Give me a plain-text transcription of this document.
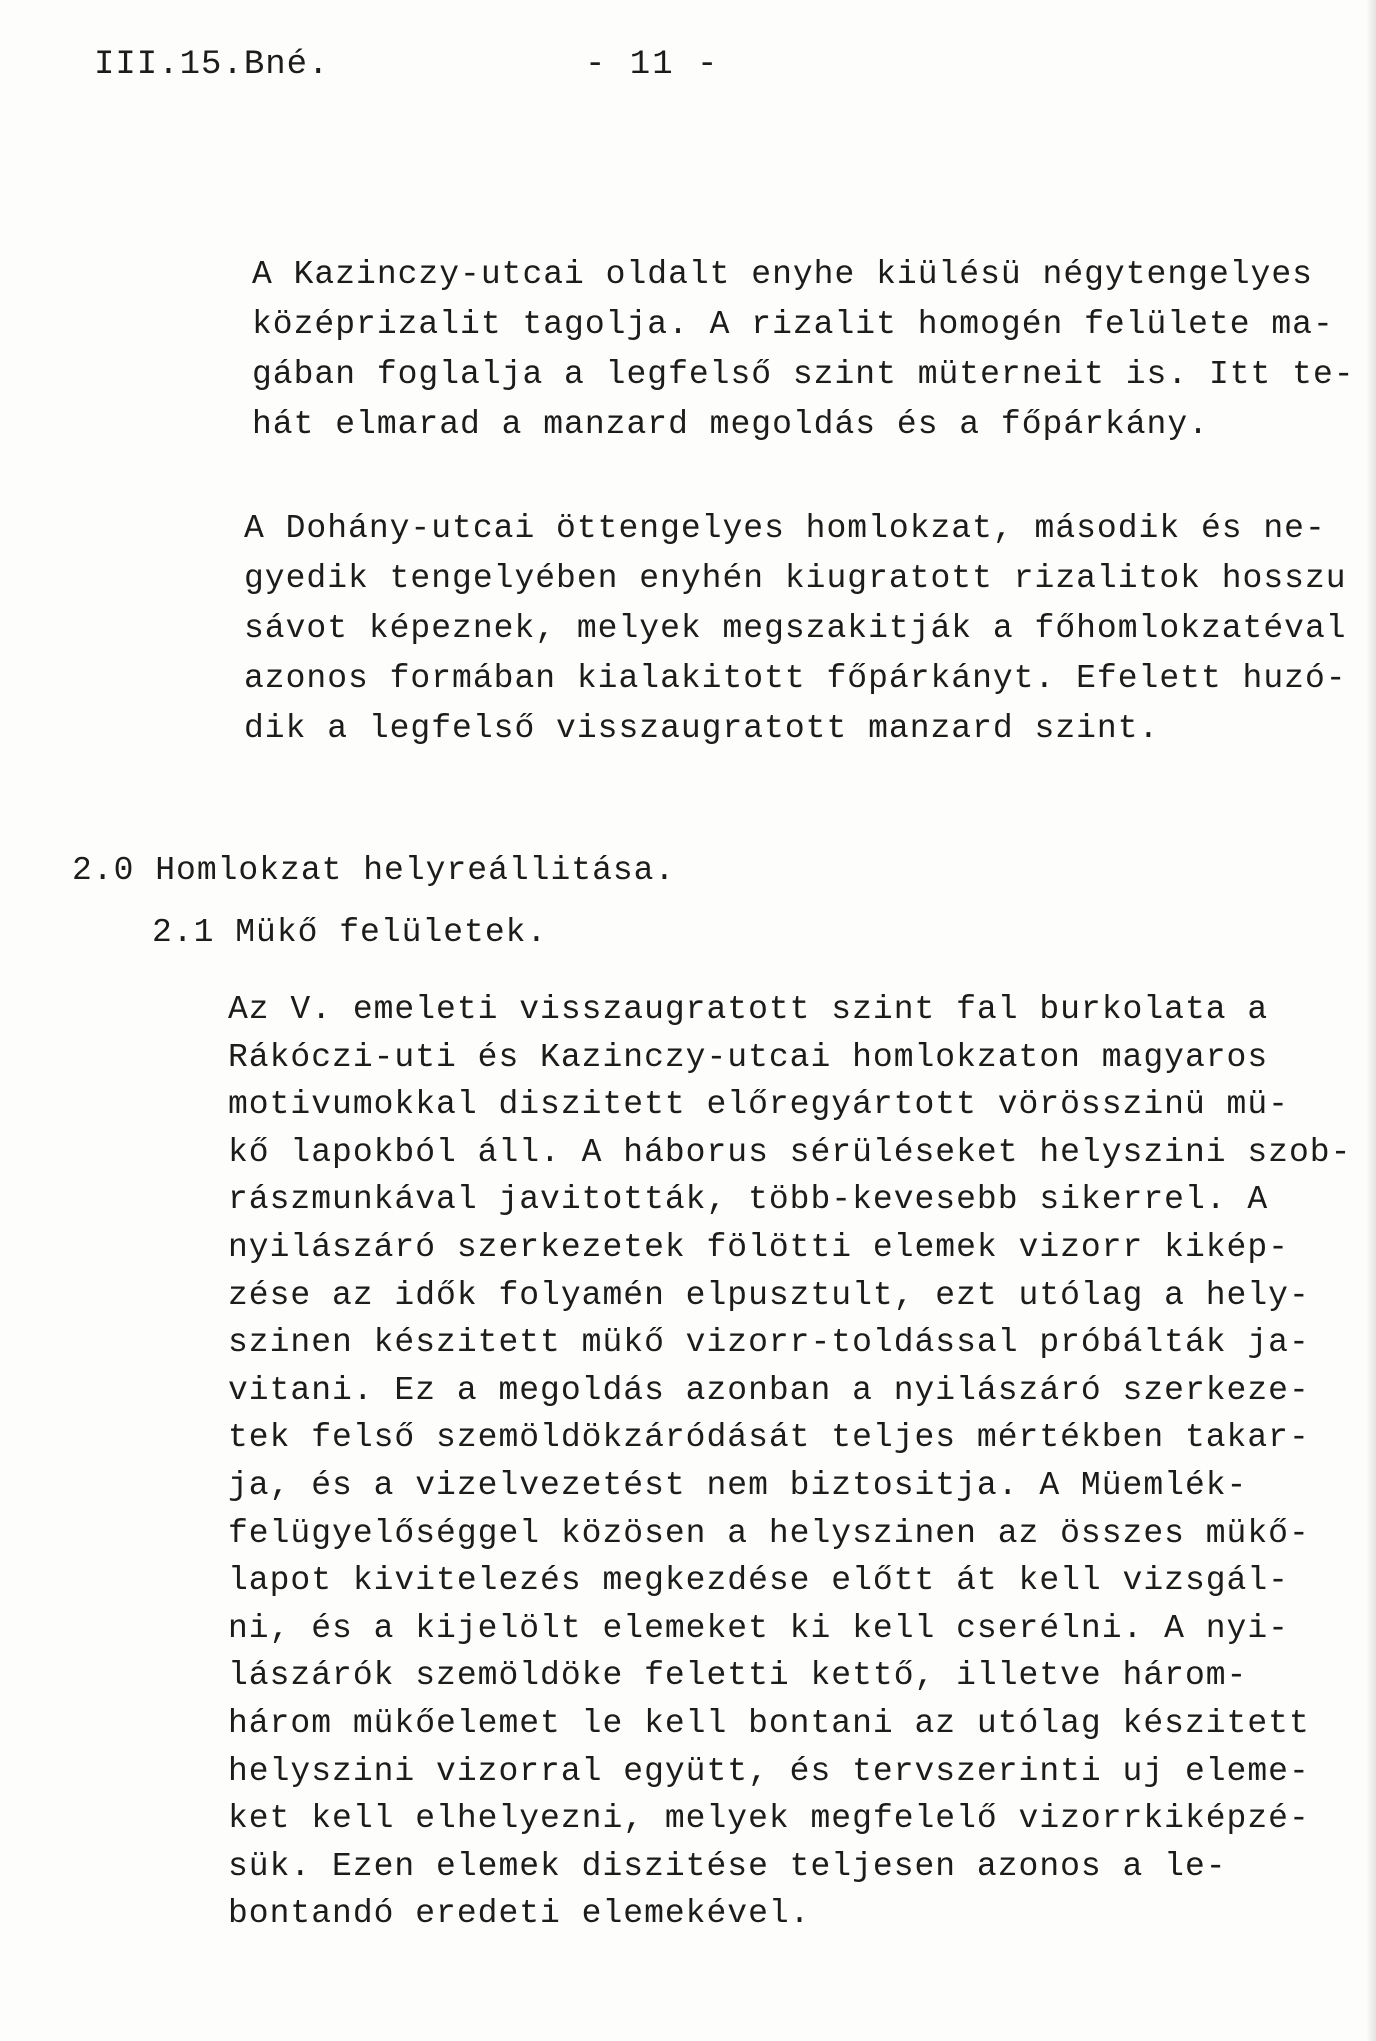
III.15.Bné.	- 11 -
A Kazinczy-utcai oldalt enyhe kiülésü négytengelyes
középrizalit tagolja. A rizalit homogén felülete ma-
gában foglalja a legfelső szint müterneit is. Itt te-
hát elmarad a manzard megoldás és a főpárkány.
A Dohány-utcai öttengelyes homlokzat, második és ne-
gyedik tengelyében enyhén kiugratott rizalitok hosszu
sávot képeznek, melyek megszakitják a főhomlokzatéval
azonos formában kialakitott főpárkányt. Efelett huzó-
dik a legfelső visszaugratott manzard szint.
2.0 Homlokzat helyreállitása.
2.1 Mükő felületek.
Az V. emeleti visszaugratott szint fal burkolata a
Rákóczi-uti és Kazinczy-utcai homlokzaton magyaros
motivumokkal diszitett előregyártott vörösszinü mü-
kő lapokból áll. A háborus sérüléseket helyszini szob-
rászmunkával javitották, több-kevesebb sikerrel. A
nyilászáró szerkezetek fölötti elemek vizorr kikép-
zése az idők folyamén elpusztult, ezt utólag a hely-
szinen készitett mükő vizorr-toldással próbálták ja-
vitani. Ez a megoldás azonban a nyilászáró szerkeze-
tek felső szemöldökzáródását teljes mértékben takar-
ja, és a vizelvezetést nem biztositja. A Müemlék-
felügyelőséggel közösen a helyszinen az összes mükő-
lapot kivitelezés megkezdése előtt át kell vizsgál-
ni, és a kijelölt elemeket ki kell cserélni. A nyi-
lászárók szemöldöke feletti kettő, illetve három-
három mükőelemet le kell bontani az utólag készitett
helyszini vizorral együtt, és tervszerinti uj eleme-
ket kell elhelyezni, melyek megfelelő vizorrkiképzé-
sük. Ezen elemek diszitése teljesen azonos a le-
bontandó eredeti elemekével.
